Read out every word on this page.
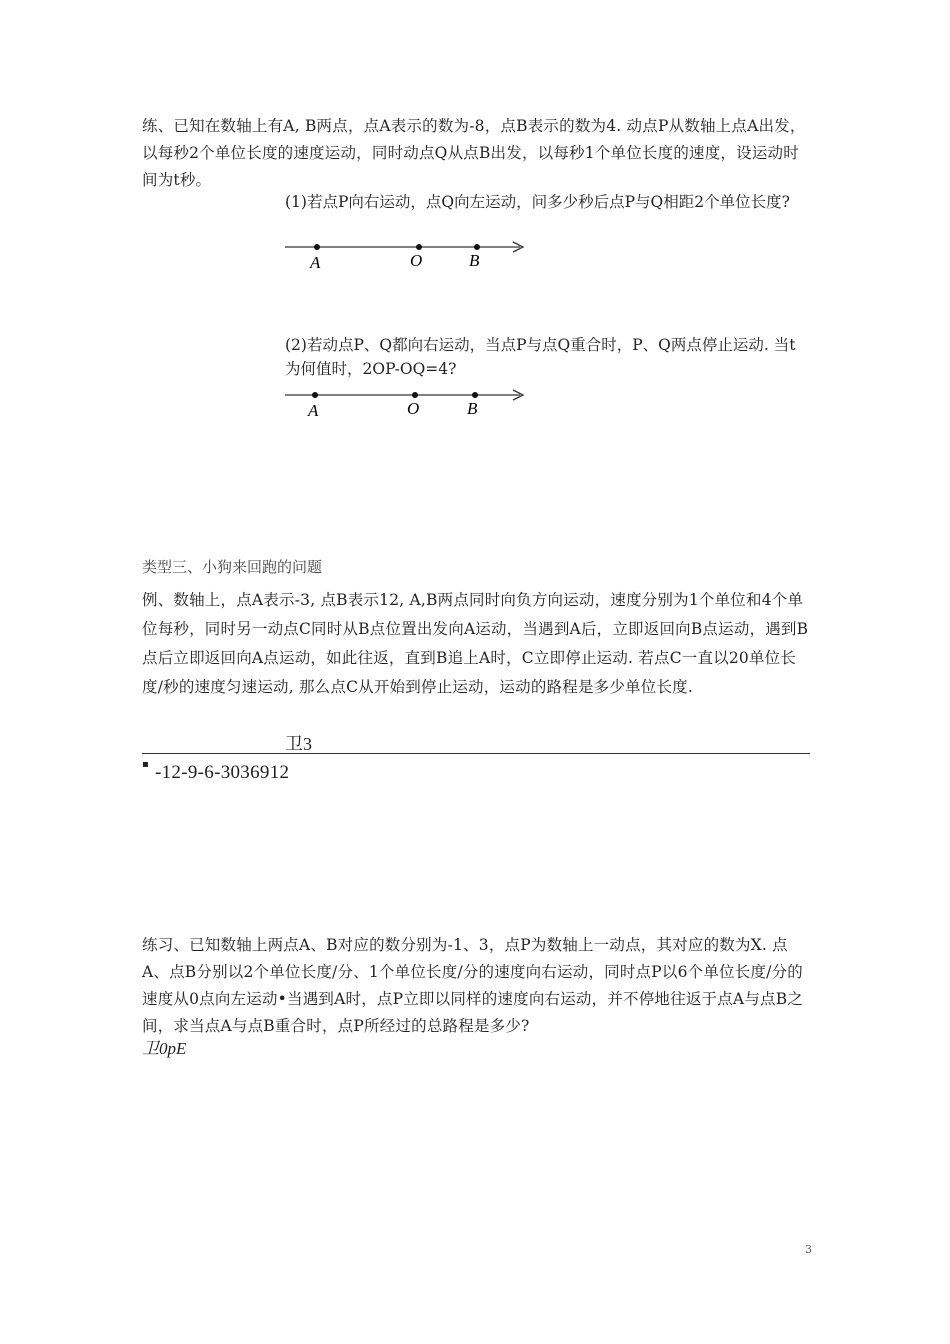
练、已知在数轴上有A, B两点，点A表示的数为-8，点B表示的数为4. 动点P从数轴上点A出发，以每秒2个单位长度的速度运动，同时动点Q从点B出发，以每秒1个单位长度的速度，设运动时间为t秒。

(1)若点P向右运动，点Q向左运动，问多少秒后点P与Q相距2个单位长度?

A	O	B

(2)若动点P、Q都向右运动，当点P与点Q重合时，P、Q两点停止运动. 当t为何值时，2OP-OQ=4?

A	O	B

类型三、小狗来回跑的问题

例、数轴上，点A表示-3, 点B表示12, A,B两点同时向负方向运动，速度分别为1个单位和4个单位每秒，同时另一动点C同时从B点位置出发向A运动，当遇到A后，立即返回向B点运动，遇到B点后立即返回向A点运动，如此往返，直到B追上A时，C立即停止运动. 若点C一直以20单位长度/秒的速度匀速运动, 那么点C从开始到停止运动，运动的路程是多少单位长度.

卫3
▪ -12-9-6-3036912

练习、已知数轴上两点A、B对应的数分别为-1、3，点P为数轴上一动点，其对应的数为X. 点A、点B分别以2个单位长度/分、1个单位长度/分的速度向右运动，同时点P以6个单位长度/分的速度从0点向左运动•当遇到A时，点P立即以同样的速度向右运动，并不停地往返于点A与点B之间，求当点A与点B重合时，点P所经过的总路程是多少?

卫0pE
3
